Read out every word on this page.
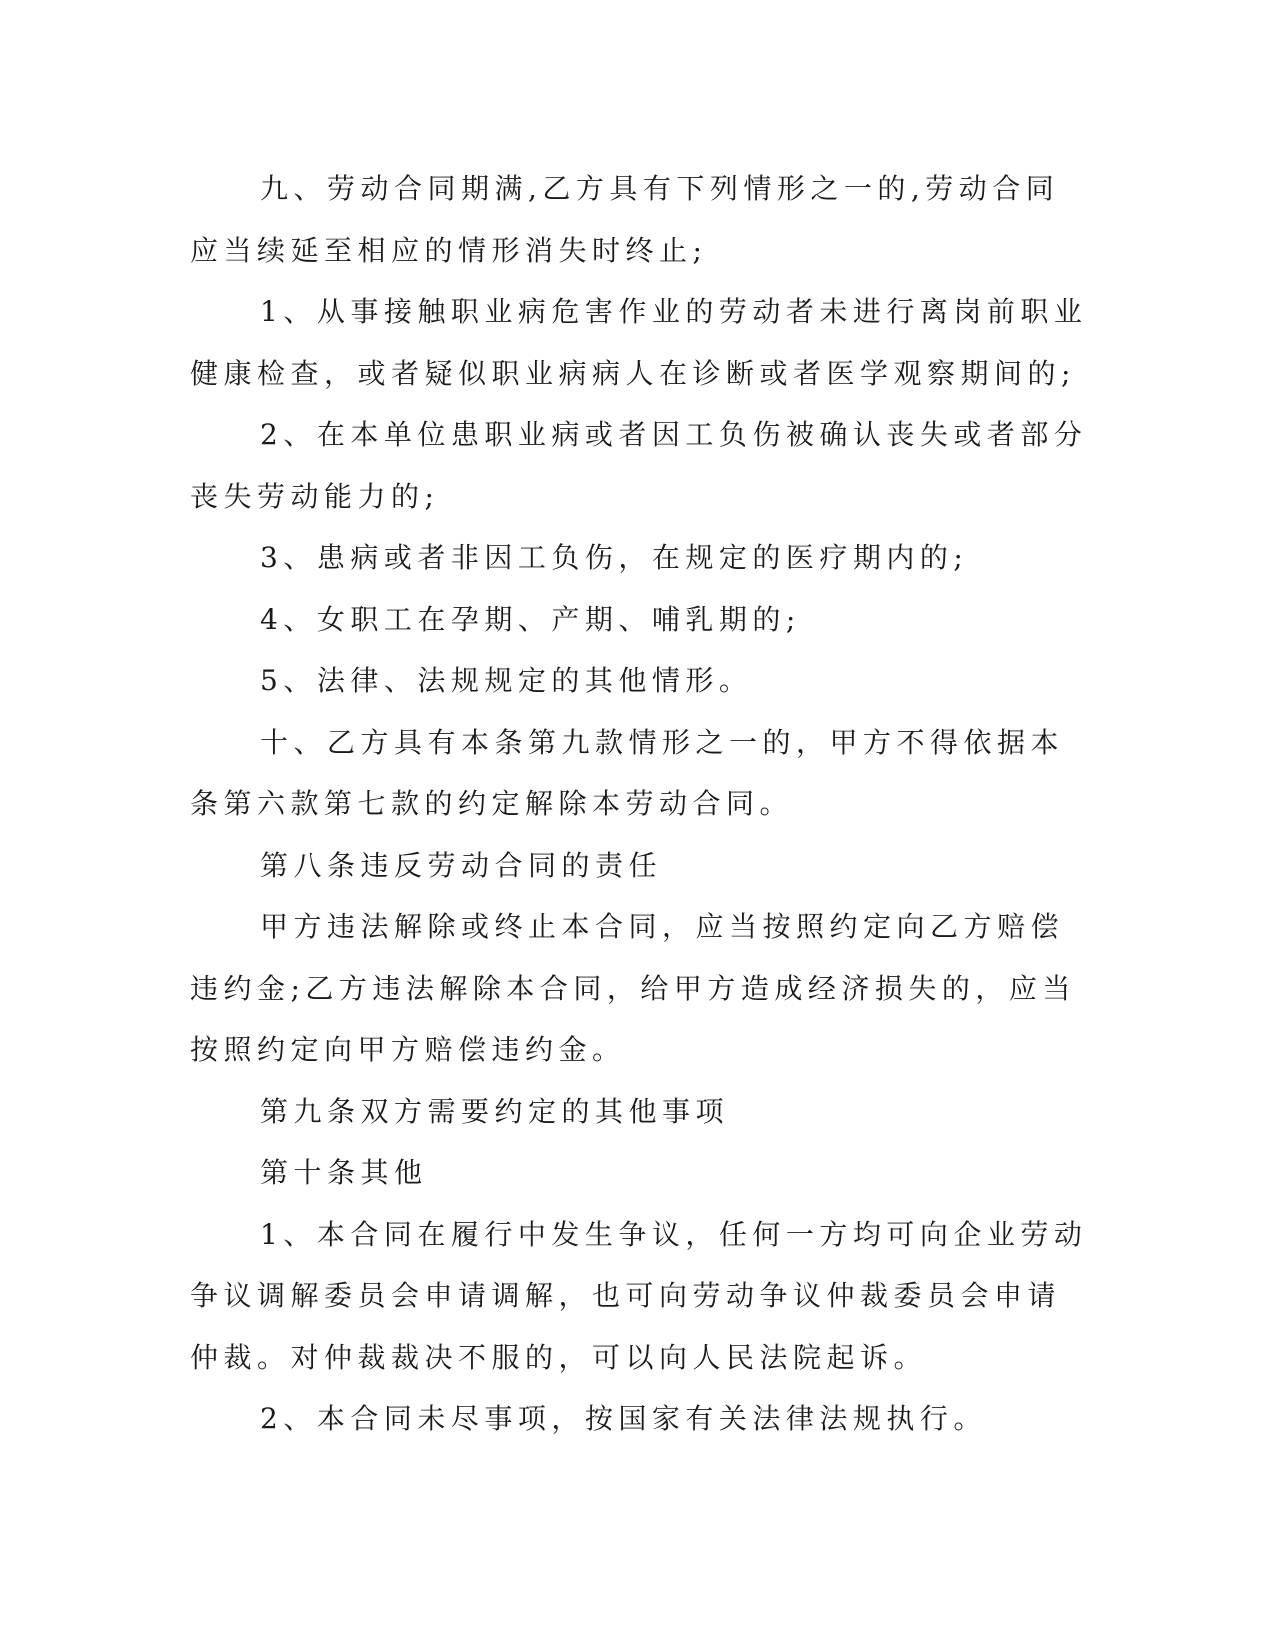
九、劳动合同期满,乙方具有下列情形之一的,劳动合同应当续延至相应的情形消失时终止;

1、从事接触职业病危害作业的劳动者未进行离岗前职业健康检查，或者疑似职业病病人在诊断或者医学观察期间的;

2、在本单位患职业病或者因工负伤被确认丧失或者部分丧失劳动能力的;

3、患病或者非因工负伤，在规定的医疗期内的;

4、女职工在孕期、产期、哺乳期的;

5、法律、法规规定的其他情形。

十、乙方具有本条第九款情形之一的，甲方不得依据本条第六款第七款的约定解除本劳动合同。

第八条违反劳动合同的责任

甲方违法解除或终止本合同，应当按照约定向乙方赔偿违约金;乙方违法解除本合同，给甲方造成经济损失的，应当按照约定向甲方赔偿违约金。

第九条双方需要约定的其他事项

第十条其他

1、本合同在履行中发生争议，任何一方均可向企业劳动争议调解委员会申请调解，也可向劳动争议仲裁委员会申请仲裁。对仲裁裁决不服的，可以向人民法院起诉。

2、本合同未尽事项，按国家有关法律法规执行。
